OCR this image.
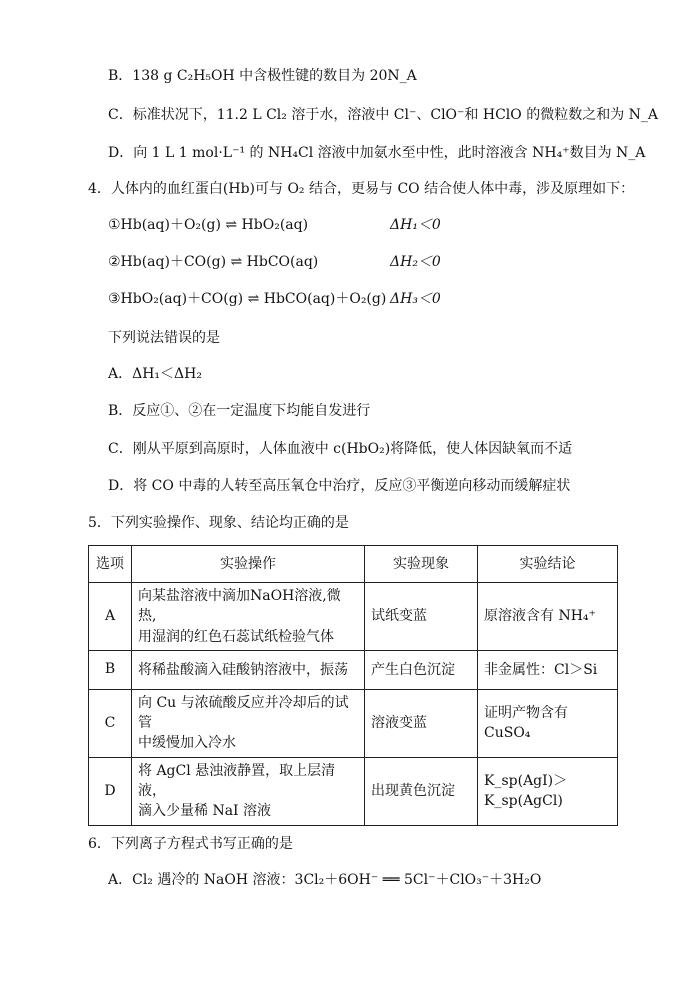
B．138 g C₂H₅OH 中含极性键的数目为 20N_A
C．标准状况下，11.2 L Cl₂ 溶于水，溶液中 Cl⁻、ClO⁻和 HClO 的微粒数之和为 N_A
D．向 1 L 1 mol·L⁻¹ 的 NH₄Cl 溶液中加氨水至中性，此时溶液含 NH₄⁺数目为 N_A
4．人体内的血红蛋白(Hb)可与 O₂ 结合，更易与 CO 结合使人体中毒，涉及原理如下：
①Hb(aq)＋O₂(g) ⇌ HbO₂(aq)	ΔH₁＜0
②Hb(aq)＋CO(g) ⇌ HbCO(aq)	ΔH₂＜0
③HbO₂(aq)＋CO(g) ⇌ HbCO(aq)＋O₂(g) ΔH₃＜0
下列说法错误的是
A．ΔH₁＜ΔH₂
B．反应①、②在一定温度下均能自发进行
C．刚从平原到高原时，人体血液中 c(HbO₂)将降低，使人体因缺氧而不适
D．将 CO 中毒的人转至高压氧仓中治疗，反应③平衡逆向移动而缓解症状
5．下列实验操作、现象、结论均正确的是
选项	实验操作	实验现象	实验结论
A	向某盐溶液中滴加NaOH溶液,微热,
用湿润的红色石蕊试纸检验气体	试纸变蓝	原溶液含有 NH₄⁺
B	将稀盐酸滴入硅酸钠溶液中，振荡	产生白色沉淀	非金属性：Cl＞Si
C	向 Cu 与浓硫酸反应并冷却后的试管
中缓慢加入冷水	溶液变蓝	证明产物含有 CuSO₄
D	将 AgCl 悬浊液静置，取上层清液，
滴入少量稀 NaI 溶液	出现黄色沉淀	K_sp(AgI)＞K_sp(AgCl)
6．下列离子方程式书写正确的是
A．Cl₂ 遇冷的 NaOH 溶液：3Cl₂＋6OH⁻ ══ 5Cl⁻＋ClO₃⁻＋3H₂O
